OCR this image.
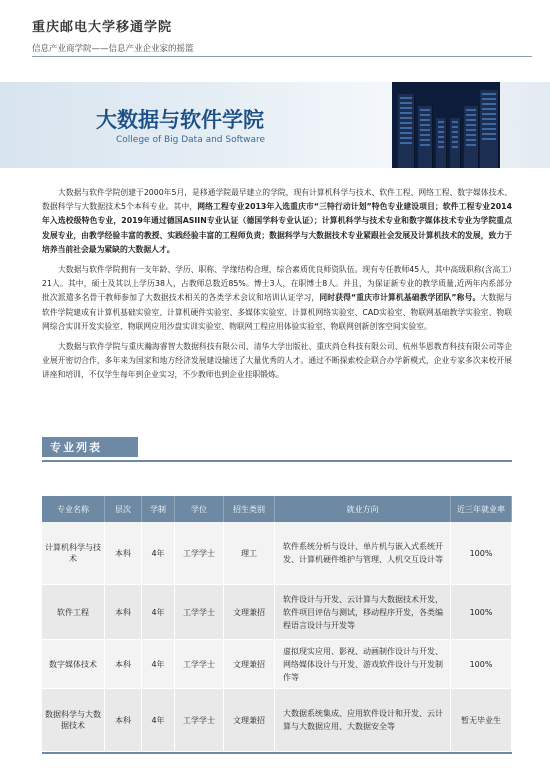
重庆邮电大学移通学院
信息产业商学院——信息产业企业家的摇篮
大数据与软件学院
College of Big Data and Software

大数据与软件学院创建于2000年5月，是移通学院最早建立的学院，现有计算机科学与技术、软件工程、网络工程、数字媒体技术、数据科学与大数据技术5个本科专业。其中，网络工程专业2013年入选重庆市“三特行动计划”特色专业建设项目；软件工程专业2014年入选校级特色专业，2019年通过德国ASIIN专业认证（德国学科专业认证）；计算机科学与技术专业和数字媒体技术专业为学院重点发展专业，由教学经验丰富的教授、实践经验丰富的工程师负责；数据科学与大数据技术专业紧跟社会发展及计算机技术的发展，致力于培养当前社会最为紧缺的大数据人才。

大数据与软件学院拥有一支年龄、学历、职称、学缘结构合理，综合素质优良师资队伍。现有专任教师45人，其中高级职称(含高工）21人。其中，硕士及其以上学历38人，占教师总数近85%。博士3人，在职博士8人。并且，为保证新专业的教学质量,近两年内系部分批次派遣多名骨干教师参加了大数据技术相关的各类学术会议和培训认证学习，同时获得“重庆市计算机基础教学团队”称号。大数据与软件学院建成有计算机基础实验室、计算机硬件实验室、多媒体实验室、计算机网络实验室、CAD实验室、物联网基础教学实验室、物联网综合实训开发实验室、物联网应用沙盘实训实验室、物联网工程应用体验实验室、物联网创新创客空间实验室。

大数据与软件学院与重庆瀚海睿智大数据科技有限公司、清华大学出版社、重庆尚仓科技有限公司、杭州华恩教育科技有限公司等企业展开密切合作，多年来为国家和地方经济发展建设输送了大量优秀的人才。通过不断探索校企联合办学新模式，企业专家多次来校开展讲座和培训，不仅学生每年到企业实习，不少教师也到企业挂职锻炼。

专业列表
专业名称	层次	学制	学位	招生类别	就业方向	近三年就业率
计算机科学与技术	本科	4年	工学学士	理工	软件系统分析与设计、单片机与嵌入式系统开发、计算机硬件维护与管理、人机交互设计等	100%
软件工程	本科	4年	工学学士	文理兼招	软件设计与开发、云计算与大数据技术开发，软件项目评估与测试，移动程序开发，各类编程语言设计与开发等	100%
数字媒体技术	本科	4年	工学学士	文理兼招	虚拟现实应用、影视、动画制作设计与开发、网络媒体设计与开发、游戏软件设计与开发制作等	100%
数据科学与大数据技术	本科	4年	工学学士	文理兼招	大数据系统集成、应用软件设计和开发、云计算与大数据应用、大数据安全等	暂无毕业生
